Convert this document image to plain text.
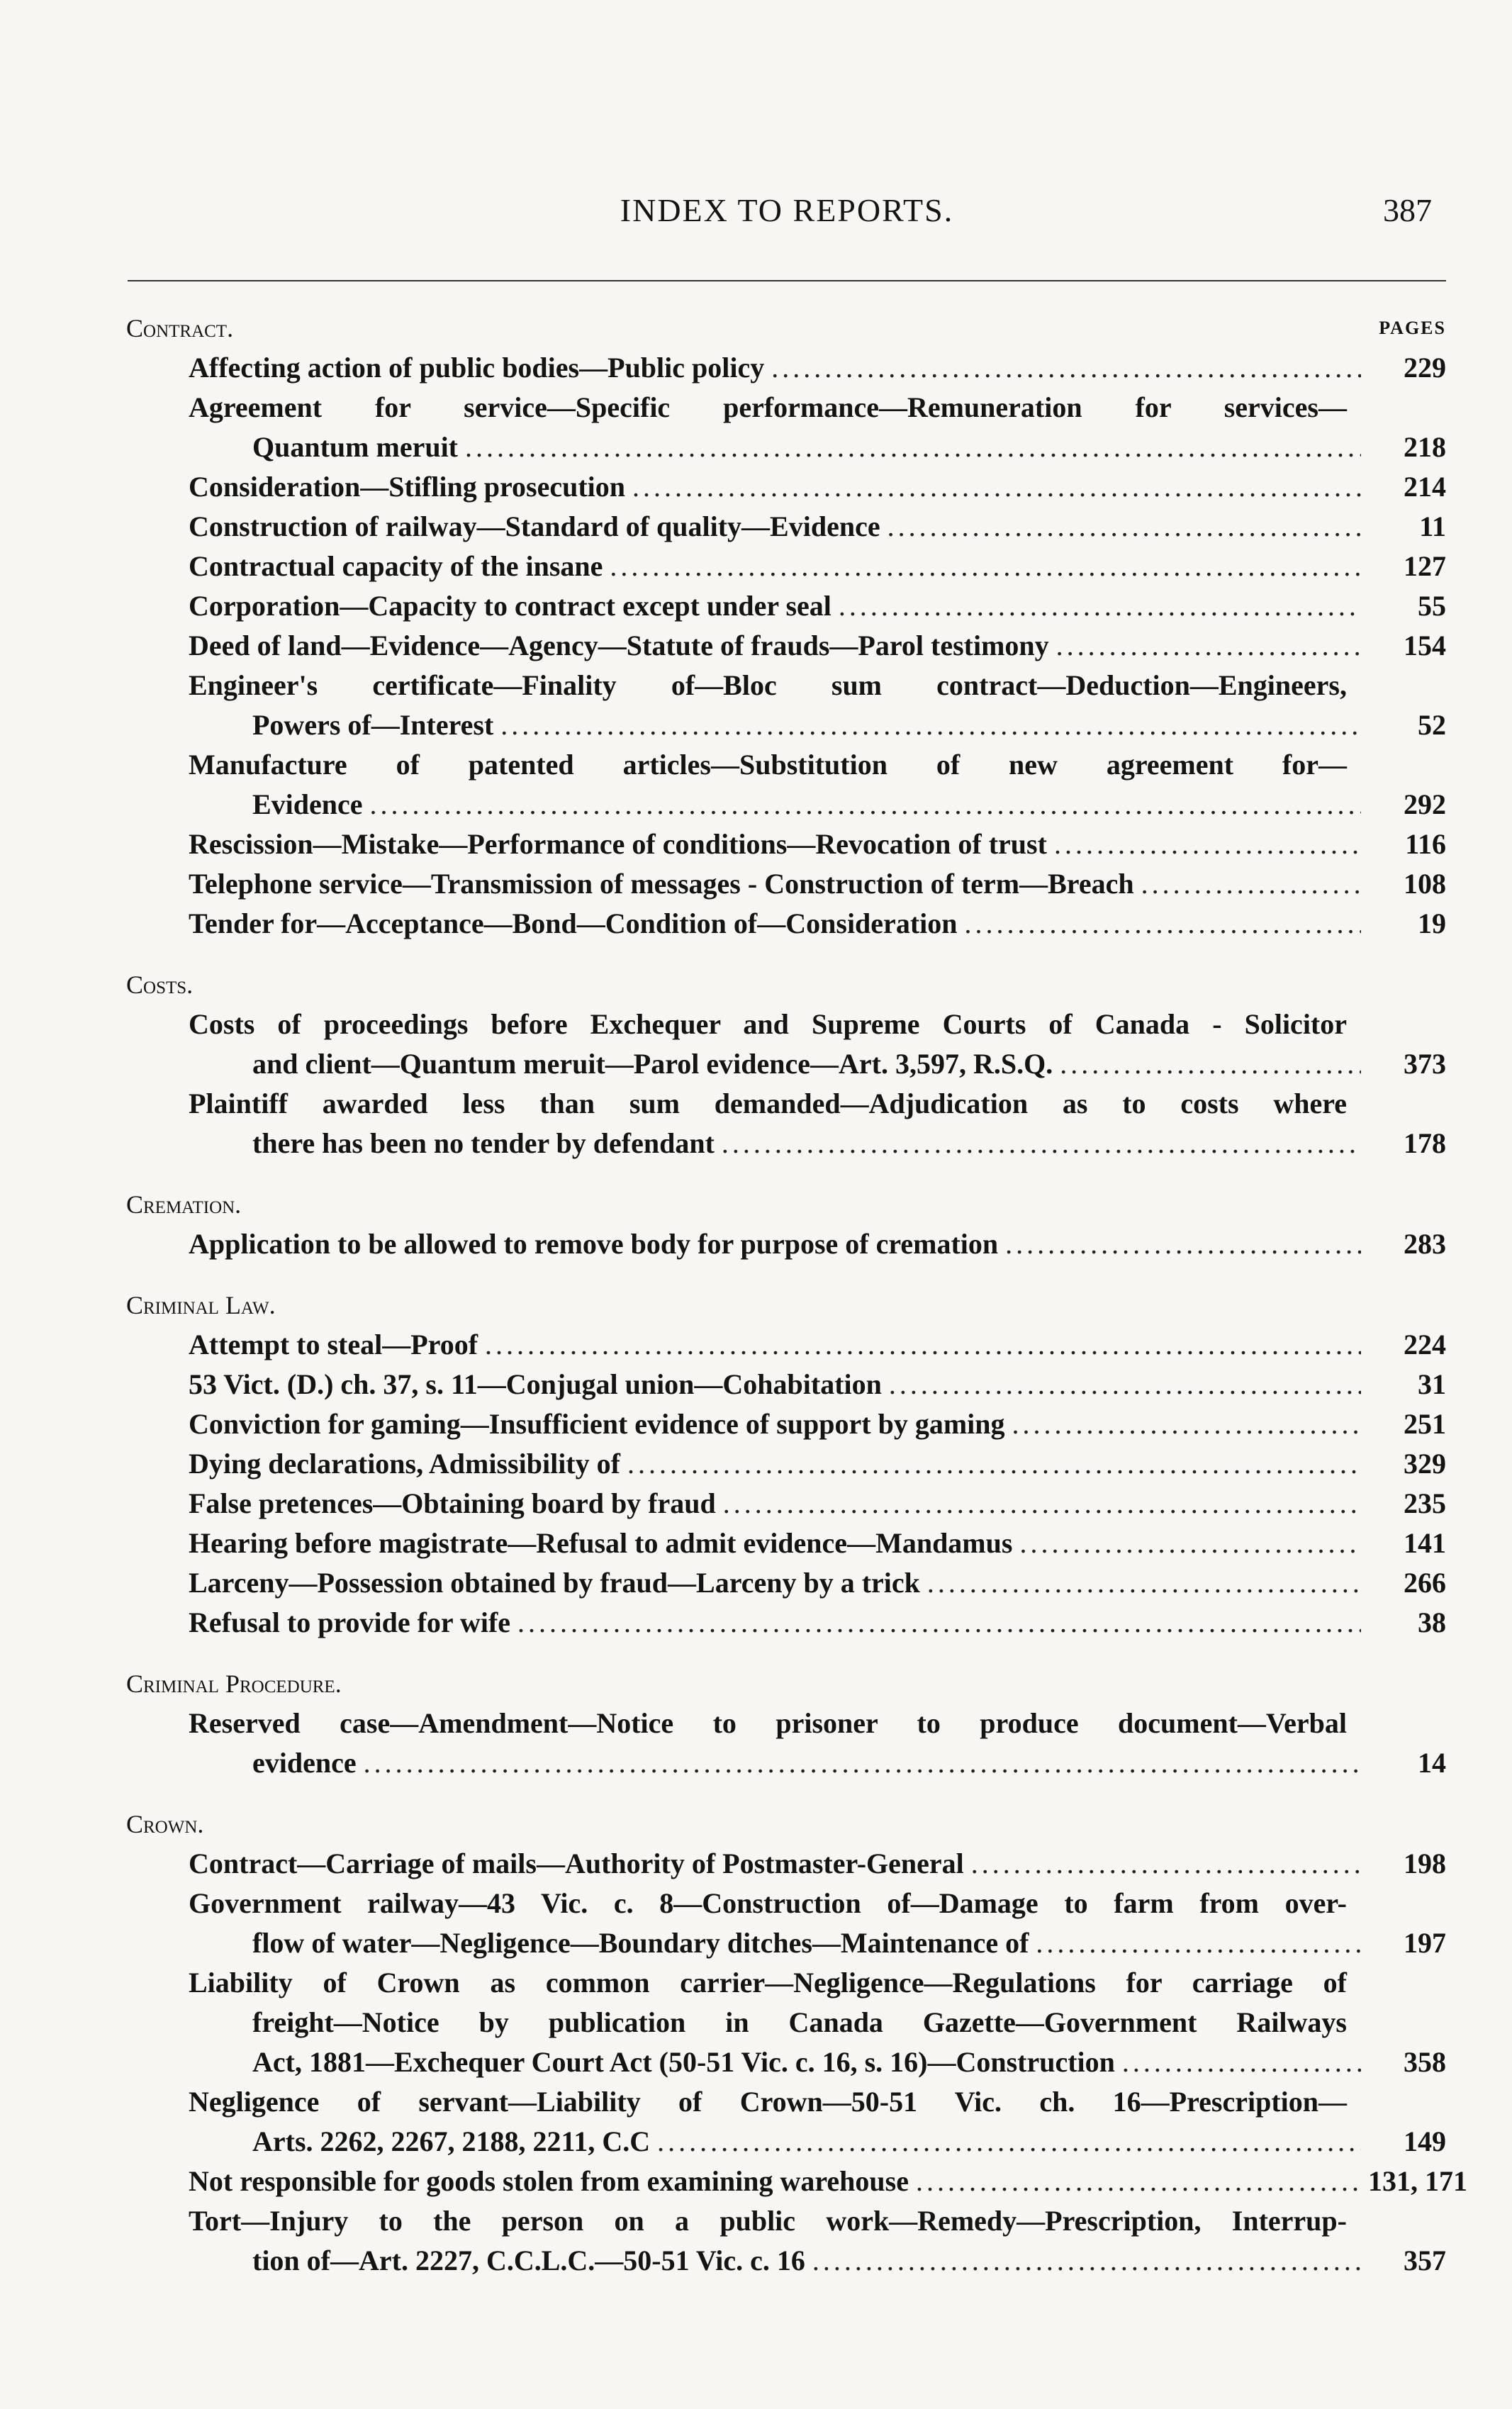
INDEX TO REPORTS.	387
PAGES
Contract.
Affecting action of public bodies—Public policy .....	229
Agreement for service—Specific performance—Remuneration for services—
Quantum meruit .....	218
Consideration—Stifling prosecution .....	214
Construction of railway—Standard of quality—Evidence .....	11
Contractual capacity of the insane .....	127
Corporation—Capacity to contract except under seal .....	55
Deed of land—Evidence—Agency—Statute of frauds—Parol testimony .....	154
Engineer's certificate—Finality of—Bloc sum contract—Deduction—Engineers,
Powers of—Interest .....	52
Manufacture of patented articles—Substitution of new agreement for—
Evidence .....	292
Rescission—Mistake—Performance of conditions—Revocation of trust .....	116
Telephone service—Transmission of messages - Construction of term—Breach .....	108
Tender for—Acceptance—Bond—Condition of—Consideration .....	19
Costs.
Costs of proceedings before Exchequer and Supreme Courts of Canada - Solicitor
and client—Quantum meruit—Parol evidence—Art. 3,597, R.S.Q. .....	373
Plaintiff awarded less than sum demanded—Adjudication as to costs where
there has been no tender by defendant .....	178
Cremation.
Application to be allowed to remove body for purpose of cremation .....	283
Criminal Law.
Attempt to steal—Proof .....	224
53 Vict. (D.) ch. 37, s. 11—Conjugal union—Cohabitation .....	31
Conviction for gaming—Insufficient evidence of support by gaming .....	251
Dying declarations, Admissibility of .....	329
False pretences—Obtaining board by fraud .....	235
Hearing before magistrate—Refusal to admit evidence—Mandamus .....	141
Larceny—Possession obtained by fraud—Larceny by a trick .....	266
Refusal to provide for wife .....	38
Criminal Procedure.
Reserved case—Amendment—Notice to prisoner to produce document—Verbal
evidence .....	14
Crown.
Contract—Carriage of mails—Authority of Postmaster-General .....	198
Government railway—43 Vic. c. 8—Construction of—Damage to farm from over-
flow of water—Negligence—Boundary ditches—Maintenance of .....	197
Liability of Crown as common carrier—Negligence—Regulations for carriage of
freight—Notice by publication in Canada Gazette—Government Railways
Act, 1881—Exchequer Court Act (50-51 Vic. c. 16, s. 16)—Construction .....	358
Negligence of servant—Liability of Crown—50-51 Vic. ch. 16—Prescription—
Arts. 2262, 2267, 2188, 2211, C.C .....	149
Not responsible for goods stolen from examining warehouse .....	131, 171
Tort—Injury to the person on a public work—Remedy—Prescription, Interrup-
tion of—Art. 2227, C.C.L.C.—50-51 Vic. c. 16 .....	357
